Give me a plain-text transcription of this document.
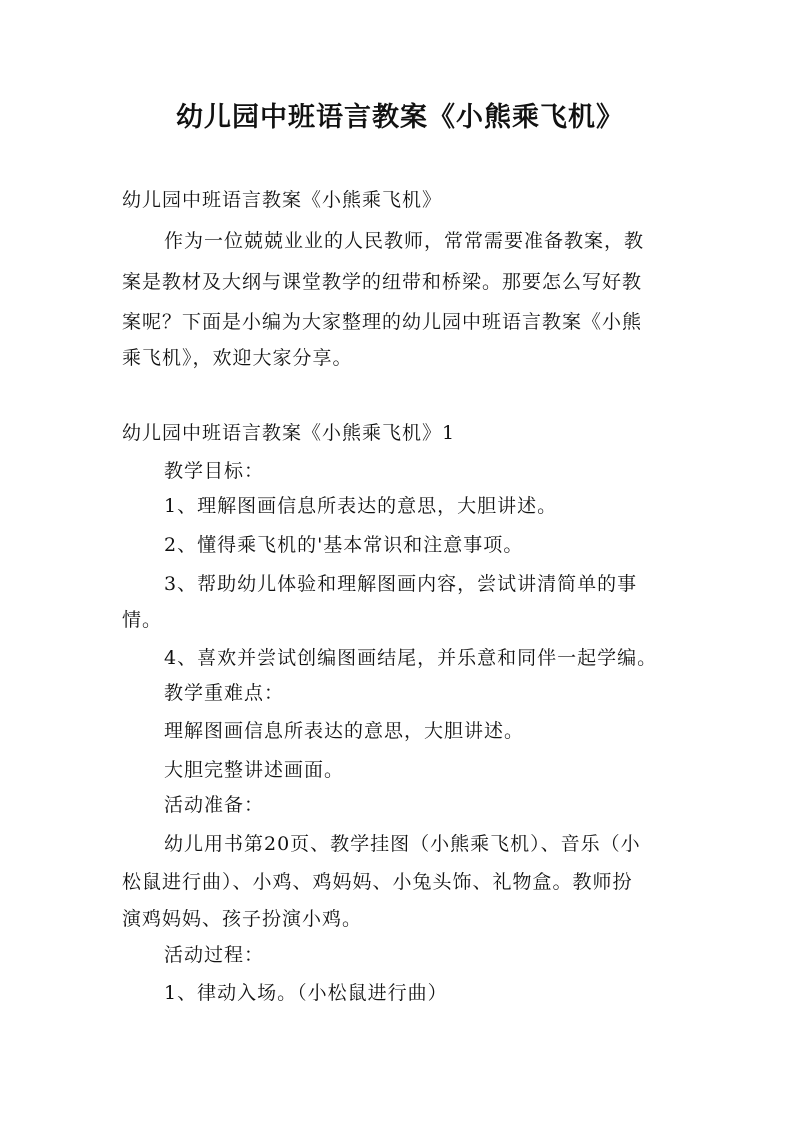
幼儿园中班语言教案《小熊乘飞机》
幼儿园中班语言教案《小熊乘飞机》
作为一位兢兢业业的人民教师，常常需要准备教案，教
案是教材及大纲与课堂教学的纽带和桥梁。那要怎么写好教
案呢？下面是小编为大家整理的幼儿园中班语言教案《小熊
乘飞机》，欢迎大家分享。
幼儿园中班语言教案《小熊乘飞机》1
教学目标：
1、理解图画信息所表达的意思，大胆讲述。
2、懂得乘飞机的'基本常识和注意事项。
3、帮助幼儿体验和理解图画内容，尝试讲清简单的事
情。
4、喜欢并尝试创编图画结尾，并乐意和同伴一起学编。
教学重难点：
理解图画信息所表达的意思，大胆讲述。
大胆完整讲述画面。
活动准备：
幼儿用书第20页、教学挂图（小熊乘飞机）、音乐（小
松鼠进行曲）、小鸡、鸡妈妈、小兔头饰、礼物盒。教师扮
演鸡妈妈、孩子扮演小鸡。
活动过程：
1、律动入场。（小松鼠进行曲）
